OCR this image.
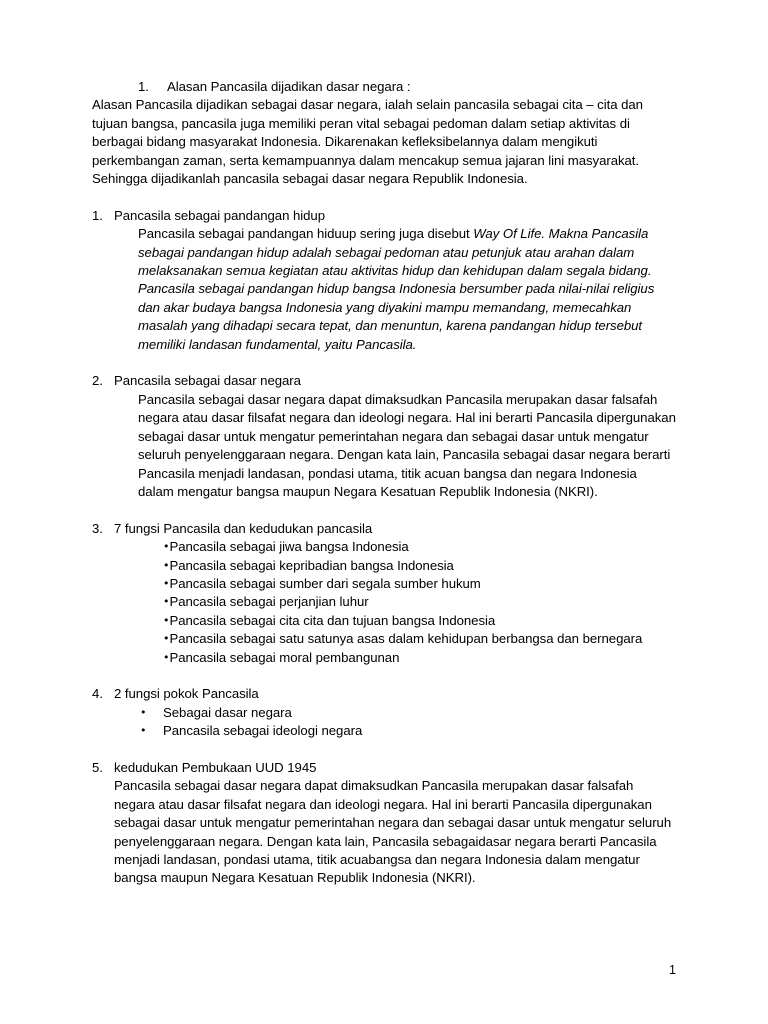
1. Alasan Pancasila dijadikan dasar negara :

Alasan Pancasila dijadikan sebagai dasar negara, ialah selain pancasila sebagai cita – cita dan tujuan bangsa, pancasila juga memiliki peran vital sebagai pedoman dalam setiap aktivitas di berbagai bidang masyarakat Indonesia. Dikarenakan kefleksibelannya dalam mengikuti perkembangan zaman, serta kemampuannya dalam mencakup semua jajaran lini masyarakat. Sehingga dijadikanlah pancasila sebagai dasar negara Republik Indonesia.

1. Pancasila sebagai pandangan hidup

Pancasila sebagai pandangan hiduup sering juga disebut Way Of Life. Makna Pancasila sebagai pandangan hidup adalah sebagai pedoman atau petunjuk atau arahan dalam melaksanakan semua kegiatan atau aktivitas hidup dan kehidupan dalam segala bidang.

Pancasila sebagai pandangan hidup bangsa Indonesia bersumber pada nilai-nilai religius dan akar budaya bangsa Indonesia yang diyakini mampu memandang, memecahkan masalah yang dihadapi secara tepat, dan menuntun, karena pandangan hidup tersebut memiliki landasan fundamental, yaitu Pancasila.

2. Pancasila sebagai dasar negara

Pancasila sebagai dasar negara dapat dimaksudkan Pancasila merupakan dasar falsafah negara atau dasar filsafat negara dan ideologi negara. Hal ini berarti Pancasila dipergunakan sebagai dasar untuk mengatur pemerintahan negara dan sebagai dasar untuk mengatur seluruh penyelenggaraan negara. Dengan kata lain, Pancasila sebagai dasar negara berarti Pancasila menjadi landasan, pondasi utama, titik acuan bangsa dan negara Indonesia dalam mengatur bangsa maupun Negara Kesatuan Republik Indonesia (NKRI).

3. 7 fungsi Pancasila dan kedudukan pancasila

•Pancasila sebagai jiwa bangsa Indonesia
•Pancasila sebagai kepribadian bangsa Indonesia
•Pancasila sebagai sumber dari segala sumber hukum
•Pancasila sebagai perjanjian luhur
•Pancasila sebagai cita cita dan tujuan bangsa Indonesia
•Pancasila sebagai satu satunya asas dalam kehidupan berbangsa dan bernegara
•Pancasila sebagai moral pembangunan
4. 2 fungsi pokok Pancasila

• Sebagai dasar negara
• Pancasila sebagai ideologi negara
5. kedudukan Pembukaan UUD 1945

Pancasila sebagai dasar negara dapat dimaksudkan Pancasila merupakan dasar falsafah negara atau dasar filsafat negara dan ideologi negara. Hal ini berarti Pancasila dipergunakan sebagai dasar untuk mengatur pemerintahan negara dan sebagai dasar untuk mengatur seluruh penyelenggaraan negara. Dengan kata lain, Pancasila sebagaidasar negara berarti Pancasila menjadi landasan, pondasi utama, titik acuabangsa dan negara Indonesia dalam mengatur bangsa maupun Negara Kesatuan Republik Indonesia (NKRI).

1
